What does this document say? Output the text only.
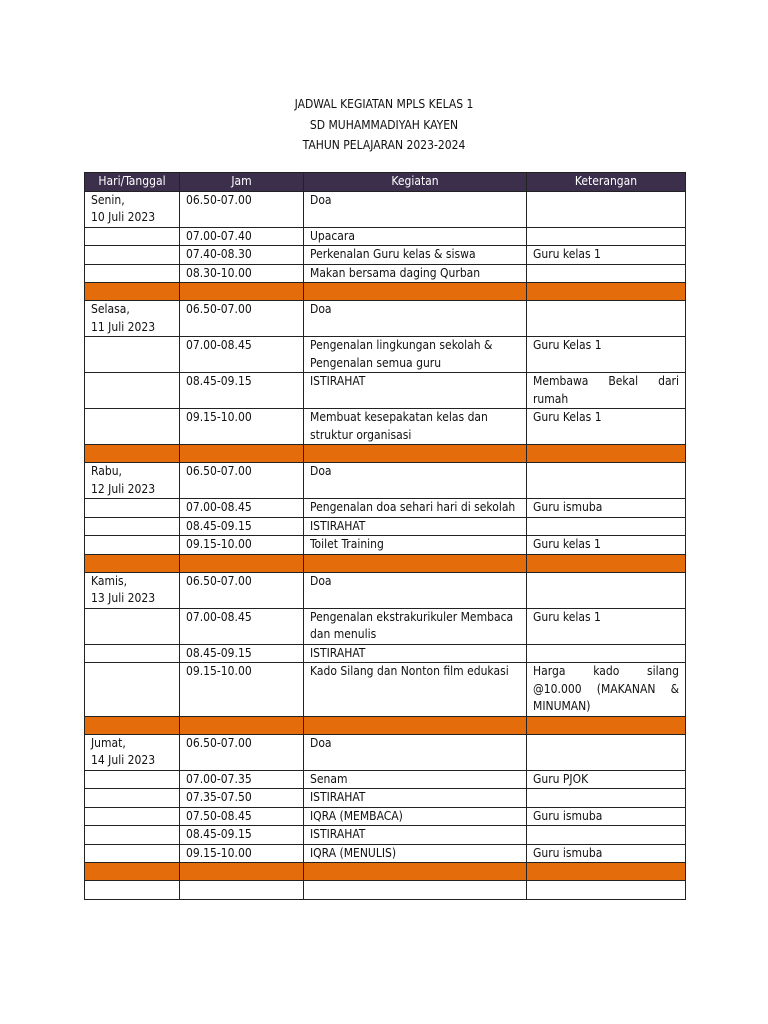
JADWAL KEGIATAN MPLS KELAS 1
SD MUHAMMADIYAH KAYEN
TAHUN PELAJARAN 2023-2024
Hari/Tanggal	Jam	Kegiatan	Keterangan

Senin,
10 Juli 2023	06.50-07.00	Doa	
	07.00-07.40	Upacara	
	07.40-08.30	Perkenalan Guru kelas & siswa	Guru kelas 1
	08.30-10.00	Makan bersama daging Qurban	

Selasa,
11 Juli 2023	06.50-07.00	Doa	
	07.00-08.45	Pengenalan lingkungan sekolah & Pengenalan semua guru	Guru Kelas 1
	08.45-09.15	ISTIRAHAT	Membawa Bekal dari rumah
	09.15-10.00	Membuat kesepakatan kelas dan struktur organisasi	Guru Kelas 1

Rabu,
12 Juli 2023	06.50-07.00	Doa	
	07.00-08.45	Pengenalan doa sehari hari di sekolah	Guru ismuba
	08.45-09.15	ISTIRAHAT	
	09.15-10.00	Toilet Training	Guru kelas 1

Kamis,
13 Juli 2023	06.50-07.00	Doa	
	07.00-08.45	Pengenalan ekstrakurikuler Membaca dan menulis	Guru kelas 1
	08.45-09.15	ISTIRAHAT	
	09.15-10.00	Kado Silang dan Nonton film edukasi	Harga kado silang @10.000 (MAKANAN & MINUMAN)

Jumat,
14 Juli 2023	06.50-07.00	Doa	
	07.00-07.35	Senam	Guru PJOK
	07.35-07.50	ISTIRAHAT	
	07.50-08.45	IQRA (MEMBACA)	Guru ismuba
	08.45-09.15	ISTIRAHAT	
	09.15-10.00	IQRA (MENULIS)	Guru ismuba
